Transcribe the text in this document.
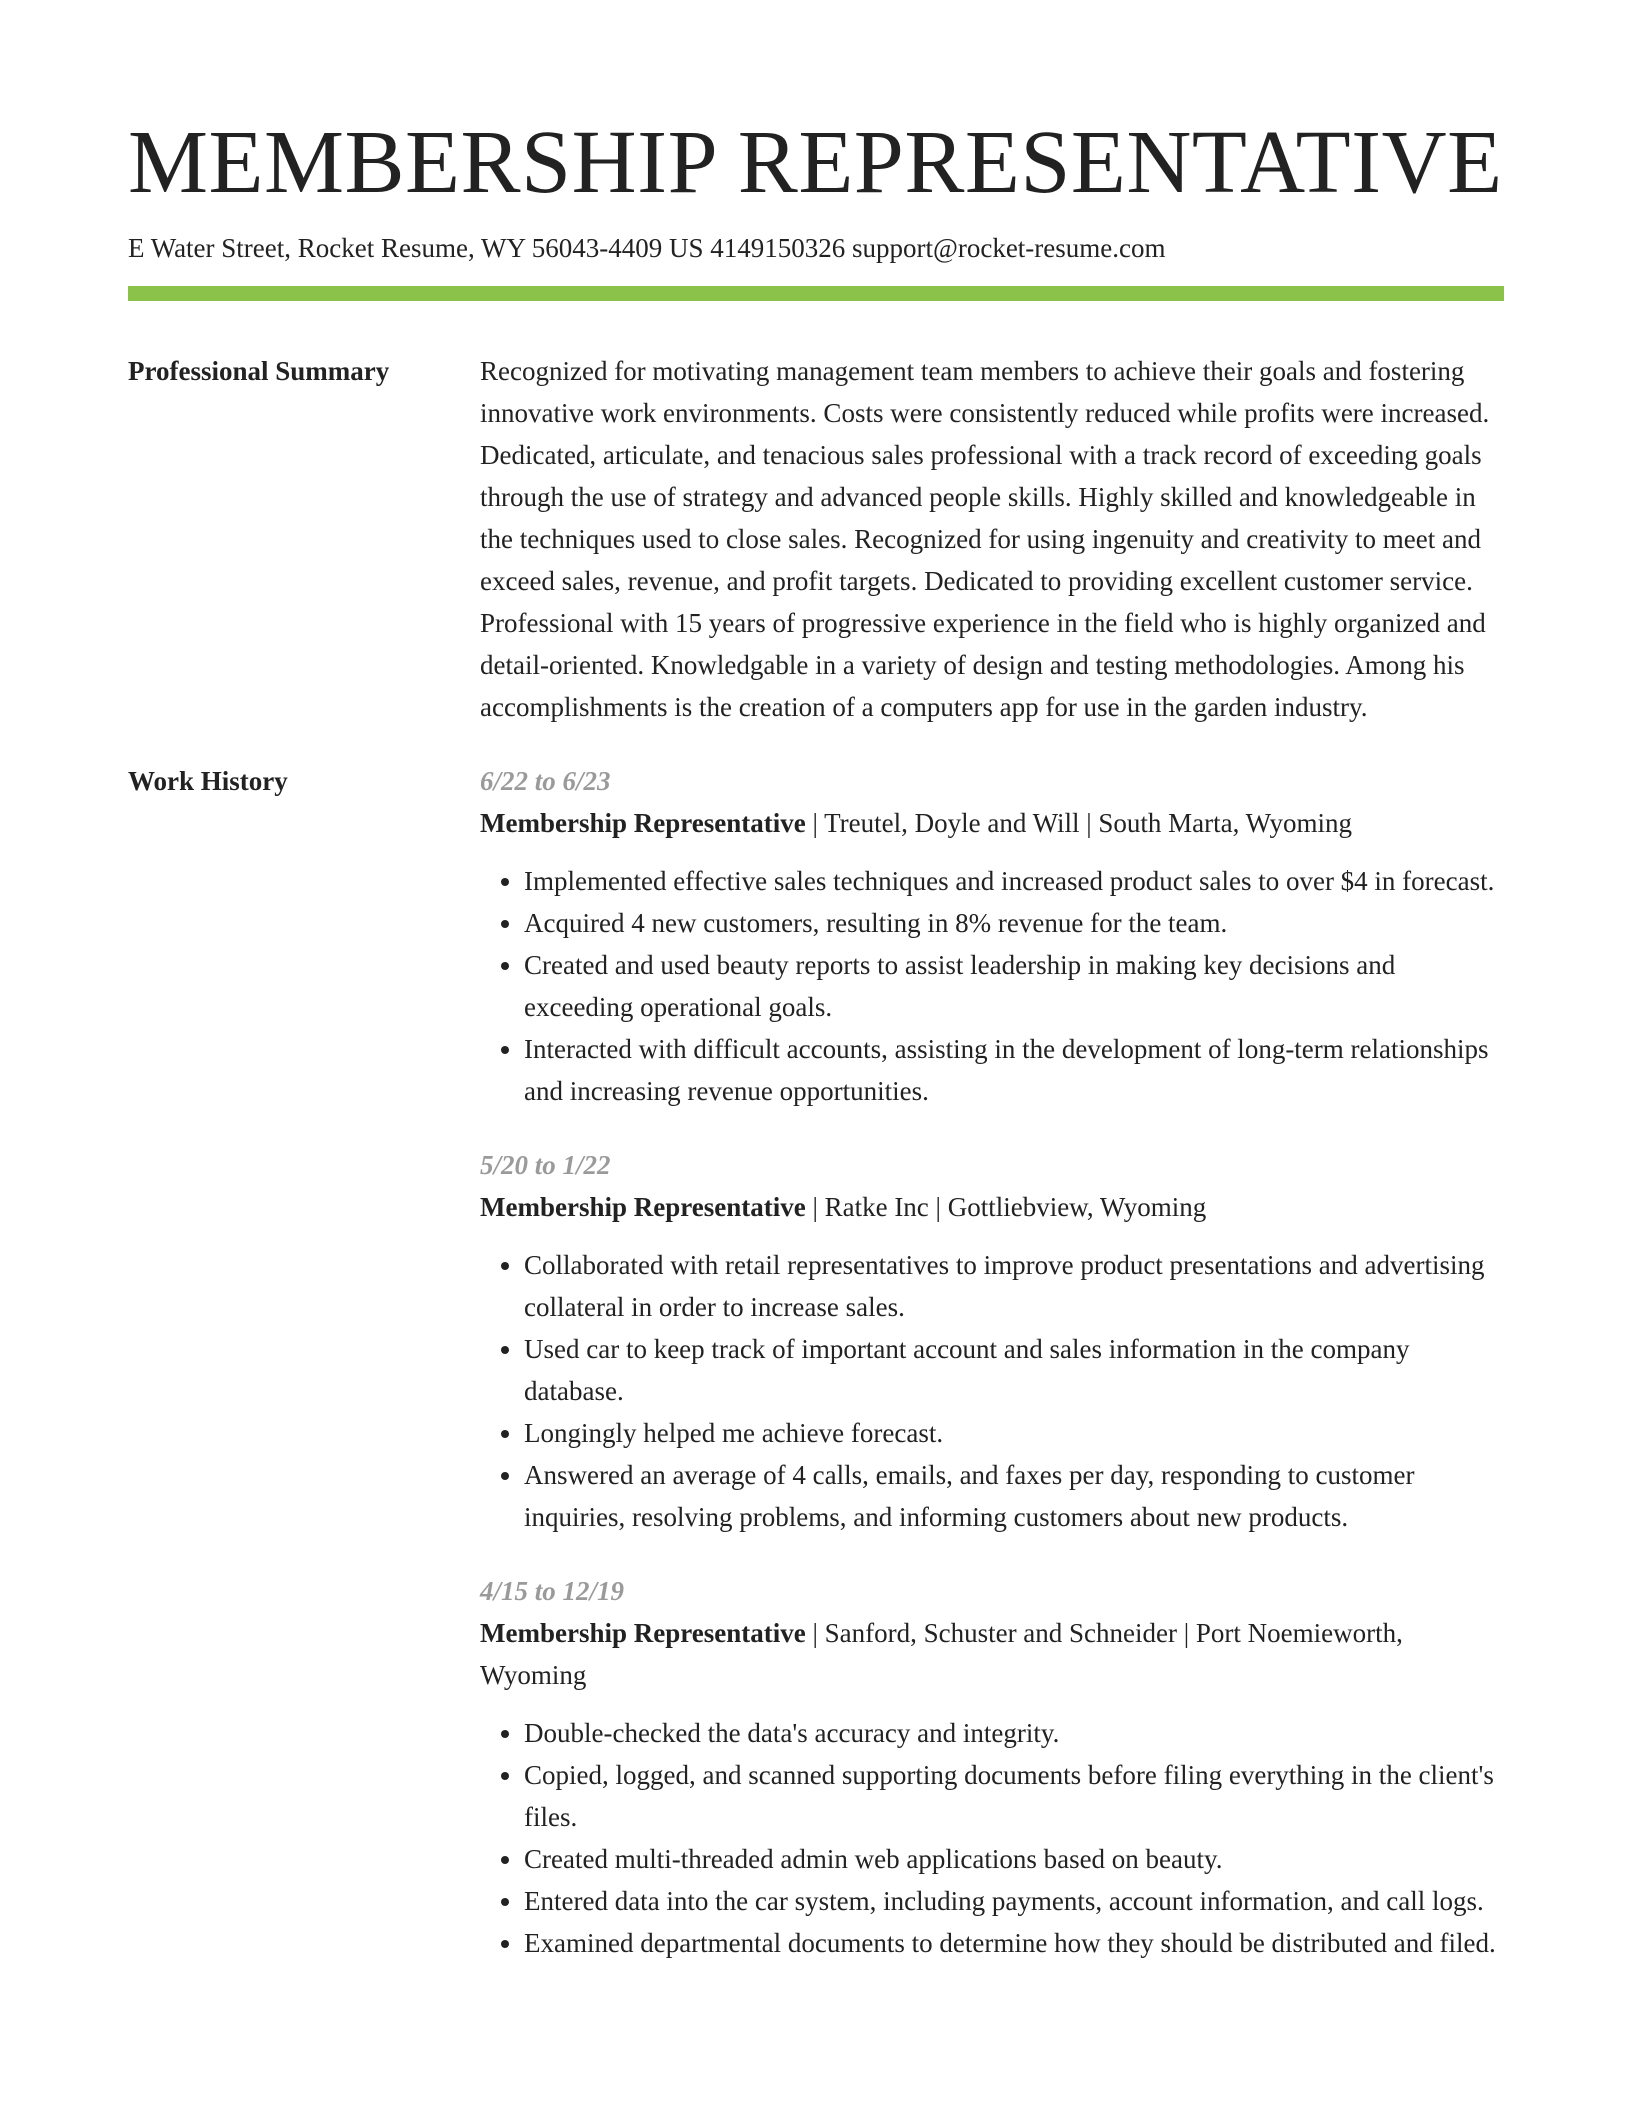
MEMBERSHIP REPRESENTATIVE
E Water Street, Rocket Resume, WY 56043-4409 US 4149150326 support@rocket-resume.com
Professional Summary	Recognized for motivating management team members to achieve their goals and fostering innovative work environments. Costs were consistently reduced while profits were increased. Dedicated, articulate, and tenacious sales professional with a track record of exceeding goals through the use of strategy and advanced people skills. Highly skilled and knowledgeable in the techniques used to close sales. Recognized for using ingenuity and creativity to meet and exceed sales, revenue, and profit targets. Dedicated to providing excellent customer service. Professional with 15 years of progressive experience in the field who is highly organized and detail-oriented. Knowledgable in a variety of design and testing methodologies. Among his accomplishments is the creation of a computers app for use in the garden industry.

Work History	6/22 to 6/23
Membership Representative | Treutel, Doyle and Will | South Marta, Wyoming
• Implemented effective sales techniques and increased product sales to over $4 in forecast.
• Acquired 4 new customers, resulting in 8% revenue for the team.
• Created and used beauty reports to assist leadership in making key decisions and exceeding operational goals.
• Interacted with difficult accounts, assisting in the development of long-term relationships and increasing revenue opportunities.
5/20 to 1/22
Membership Representative | Ratke Inc | Gottliebview, Wyoming
• Collaborated with retail representatives to improve product presentations and advertising collateral in order to increase sales.
• Used car to keep track of important account and sales information in the company database.
• Longingly helped me achieve forecast.
• Answered an average of 4 calls, emails, and faxes per day, responding to customer inquiries, resolving problems, and informing customers about new products.
4/15 to 12/19
Membership Representative | Sanford, Schuster and Schneider | Port Noemieworth, Wyoming
• Double-checked the data's accuracy and integrity.
• Copied, logged, and scanned supporting documents before filing everything in the client's files.
• Created multi-threaded admin web applications based on beauty.
• Entered data into the car system, including payments, account information, and call logs.
• Examined departmental documents to determine how they should be distributed and filed.
